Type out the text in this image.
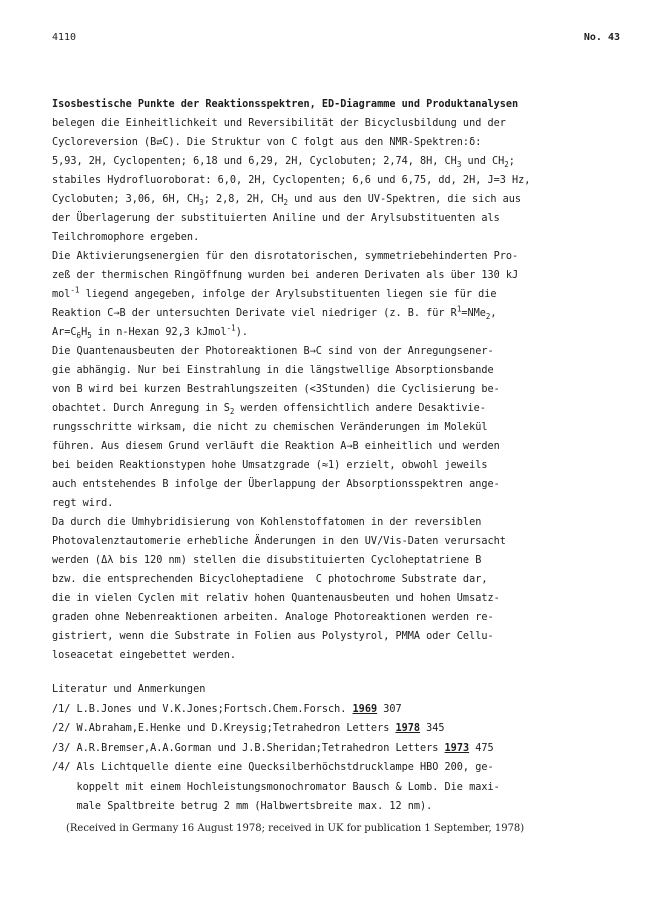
4110	No. 43
Isosbestische Punkte der Reaktionsspektren, ED-Diagramme und Produktanalysen
belegen die Einheitlichkeit und Reversibilität der Bicyclusbildung und der
Cycloreversion (B⇄C). Die Struktur von C folgt aus den NMR-Spektren:δ:
5,93, 2H, Cyclopenten; 6,18 und 6,29, 2H, Cyclobuten; 2,74, 8H, $CH_3$ und $CH_2$;
stabiles Hydrofluoroborat: 6,0, 2H, Cyclopenten; 6,6 und 6,75, dd, 2H, J=3 Hz,
Cyclobuten; 3,06, 6H, $CH_3$; 2,8, 2H, $CH_2$ und aus den UV-Spektren, die sich aus
der Überlagerung der substituierten Aniline und der Arylsubstituenten als
Teilchromophore ergeben.
Die Aktivierungsenergien für den disrotatorischen, symmetriebehinderten Pro-
zeß der thermischen Ringöffnung wurden bei anderen Derivaten als über 130 kJ
mol$^{-1}$ liegend angegeben, infolge der Arylsubstituenten liegen sie für die
Reaktion C→B der untersuchten Derivate viel niedriger (z. B. für $R^1=NMe_2$,
$Ar=C_6H_5$ in n-Hexan 92,3 kJmol$^{-1}$).
Die Quantenausbeuten der Photoreaktionen B→C sind von der Anregungsener-
gie abhängig. Nur bei Einstrahlung in die längstwellige Absorptionsbande
von B wird bei kurzen Bestrahlungszeiten (<3Stunden) die Cyclisierung be-
obachtet. Durch Anregung in $S_2$ werden offensichtlich andere Desaktivie-
rungsschritte wirksam, die nicht zu chemischen Veränderungen im Molekül
führen. Aus diesem Grund verläuft die Reaktion A→B einheitlich und werden
bei beiden Reaktionstypen hohe Umsatzgrade (≈1) erzielt, obwohl jeweils
auch entstehendes B infolge der Überlappung der Absorptionsspektren ange-
regt wird.
Da durch die Umhybridisierung von Kohlenstoffatomen in der reversiblen
Photovalenztautomerie erhebliche Änderungen in den UV/Vis-Daten verursacht
werden (Δλ bis 120 nm) stellen die disubstituierten Cycloheptatriene B
bzw. die entsprechenden Bicycloheptadiene  C photochrome Substrate dar,
die in vielen Cyclen mit relativ hohen Quantenausbeuten und hohen Umsatz-
graden ohne Nebenreaktionen arbeiten. Analoge Photoreaktionen werden re-
gistriert, wenn die Substrate in Folien aus Polystyrol, PMMA oder Cellu-
loseacetat eingebettet werden.
Literatur und Anmerkungen
/1/ L.B.Jones und V.K.Jones;Fortsch.Chem.Forsch. 1969 307
/2/ W.Abraham,E.Henke und D.Kreysig;Tetrahedron Letters 1978 345
/3/ A.R.Bremser,A.A.Gorman und J.B.Sheridan;Tetrahedron Letters 1973 475
/4/ Als Lichtquelle diente eine Quecksilberhöchstdrucklampe HBO 200, ge-
koppelt mit einem Hochleistungsmonochromator Bausch & Lomb. Die maxi-
male Spaltbreite betrug 2 mm (Halbwertsbreite max. 12 nm).
(Received in Germany 16 August 1978; received in UK for publication 1 September, 1978)
